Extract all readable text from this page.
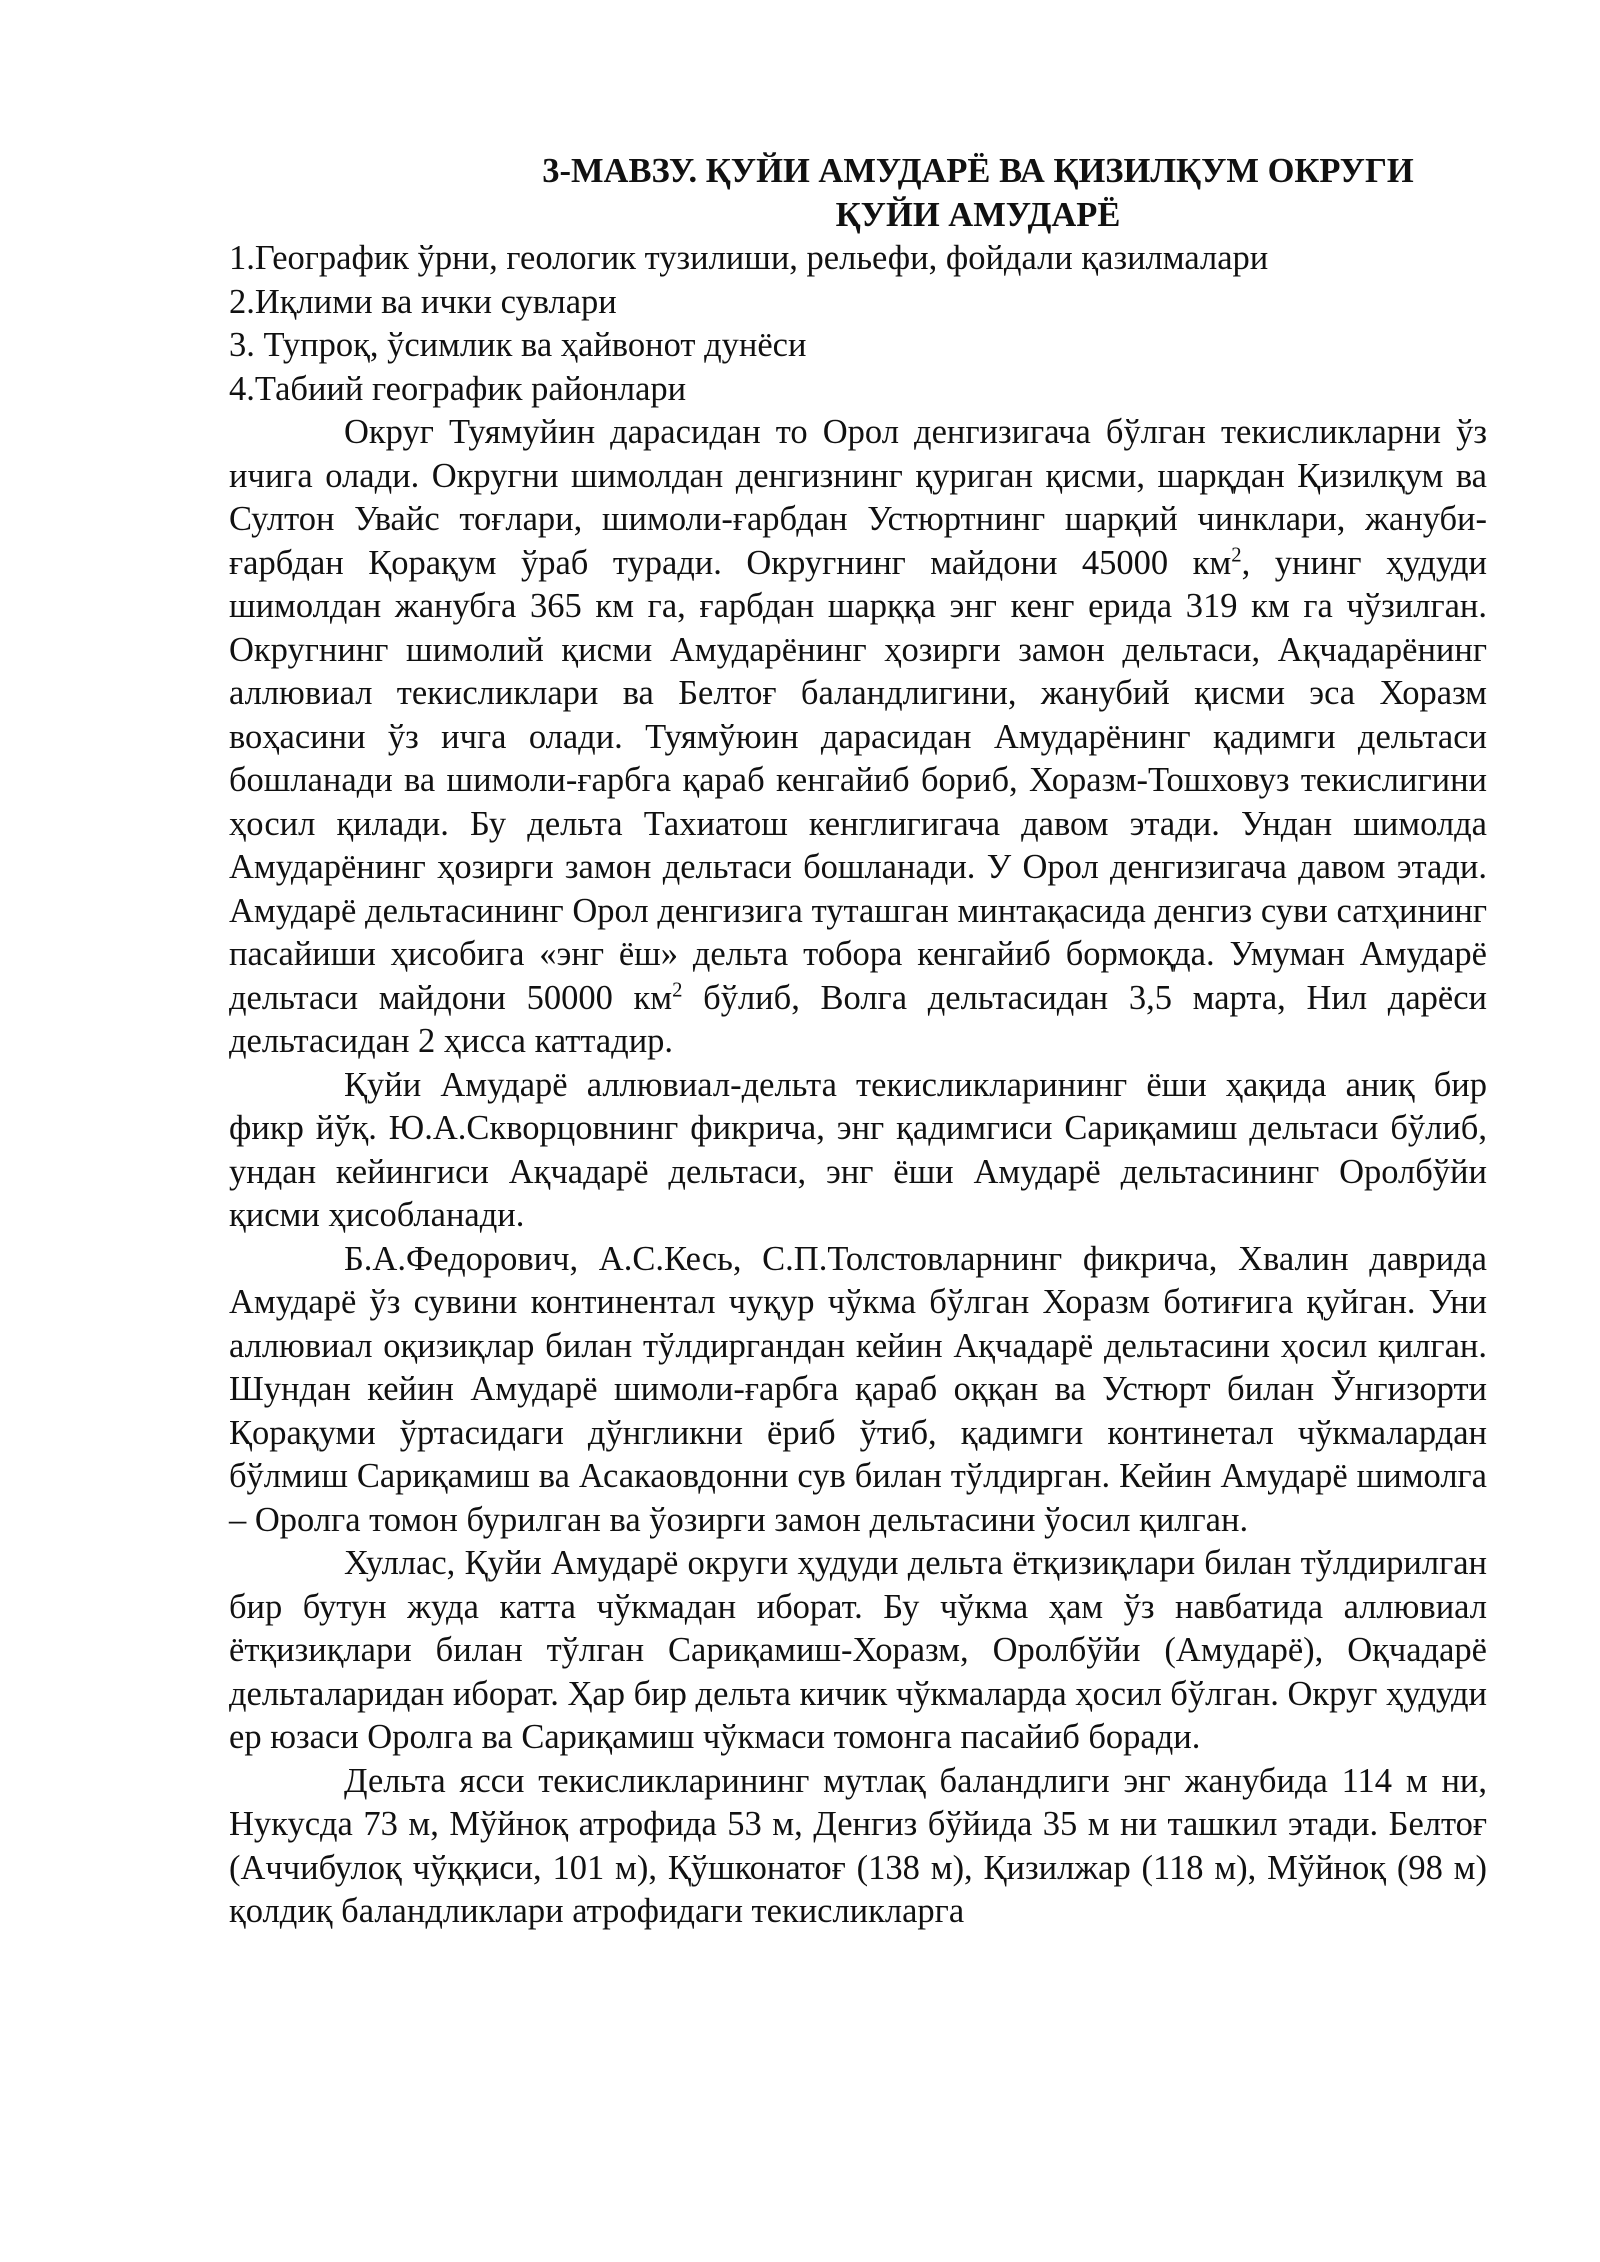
3-МАВЗУ. ҚУЙИ АМУДАРЁ ВА ҚИЗИЛҚУМ ОКРУГИ
ҚУЙИ АМУДАРЁ
1.Географик ўрни, геологик тузилиши, рельефи, фойдали қазилмалари
2.Иқлими ва ички сувлари
3. Тупроқ, ўсимлик ва ҳайвонот дунёси
4.Табиий географик районлари

Округ Туямуйин дарасидан то Орол денгизигача бўлган текисликларни ўз ичига олади. Округни шимолдан денгизнинг қуриган қисми, шарқдан Қизилқум ва Султон Увайс тоғлари, шимоли-ғарбдан Устюртнинг шарқий чинклари, жануби-ғарбдан Қорақум ўраб туради. Округнинг майдони 45000 $км^2$, унинг ҳудуди шимолдан жанубга 365 км га, ғарбдан шарққа энг кенг ерида 319 км га чўзилган. Округнинг шимолий қисми Амударёнинг ҳозирги замон дельтаси, Ақчадарёнинг аллювиал текисликлари ва Белтоғ баландлигини, жанубий қисми эса Хоразм воҳасини ўз ичга олади. Туямўюин дарасидан Амударёнинг қадимги дельтаси бошланади ва шимоли-ғарбга қараб кенгайиб бориб, Хоразм-Тошховуз текислигини ҳосил қилади. Бу дельта Тахиатош кенглигигача давом этади. Ундан шимолда Амударёнинг ҳозирги замон дельтаси бошланади. У Орол денгизигача давом этади. Амударё дельтасининг Орол денгизига туташган минтақасида денгиз суви сатҳининг пасайиши ҳисобига «энг ёш» дельта тобора кенгайиб бормоқда. Умуман Амударё дельтаси майдони 50000 $км^2$ бўлиб, Волга дельтасидан 3,5 марта, Нил дарёси дельтасидан 2 ҳисса каттадир.

Қуйи Амударё аллювиал-дельта текисликларининг ёши ҳақида аниқ бир фикр йўқ. Ю.А.Скворцовнинг фикрича, энг қадимгиси Сариқамиш дельтаси бўлиб, ундан кейингиси Ақчадарё дельтаси, энг ёши Амударё дельтасининг Оролбўйи қисми ҳисобланади.

Б.А.Федорович, А.С.Кесь, С.П.Толстовларнинг фикрича, Хвалин даврида Амударё ўз сувини континентал чуқур чўкма бўлган Хоразм ботиғига қуйган. Уни аллювиал оқизиқлар билан тўлдиргандан кейин Ақчадарё дельтасини ҳосил қилган. Шундан кейин Амударё шимоли-ғарбга қараб оққан ва Устюрт билан Ўнгизорти Қорақуми ўртасидаги дўнгликни ёриб ўтиб, қадимги континетал чўкмалардан бўлмиш Сариқамиш ва Асакаовдонни сув билан тўлдирган. Кейин Амударё шимолга – Оролга томон бурилган ва ўозирги замон дельтасини ўосил қилган.

Хуллас, Қуйи Амударё округи ҳудуди дельта ётқизиқлари билан тўлдирилган бир бутун жуда катта чўкмадан иборат. Бу чўкма ҳам ўз навбатида аллювиал ётқизиқлари билан тўлган Сариқамиш-Хоразм, Оролбўйи (Амударё), Оқчадарё дельталаридан иборат. Ҳар бир дельта кичик чўкмаларда ҳосил бўлган. Округ ҳудуди ер юзаси Оролга ва Сариқамиш чўкмаси томонга пасайиб боради.

Дельта ясси текисликларининг мутлақ баландлиги энг жанубида 114 м ни, Нукусда 73 м, Мўйноқ атрофида 53 м, Денгиз бўйида 35 м ни ташкил этади. Белтоғ (Аччибулоқ чўққиси, 101 м), Қўшконатоғ (138 м), Қизилжар (118 м), Мўйноқ (98 м) қолдиқ баландликлари атрофидаги текисликларга
